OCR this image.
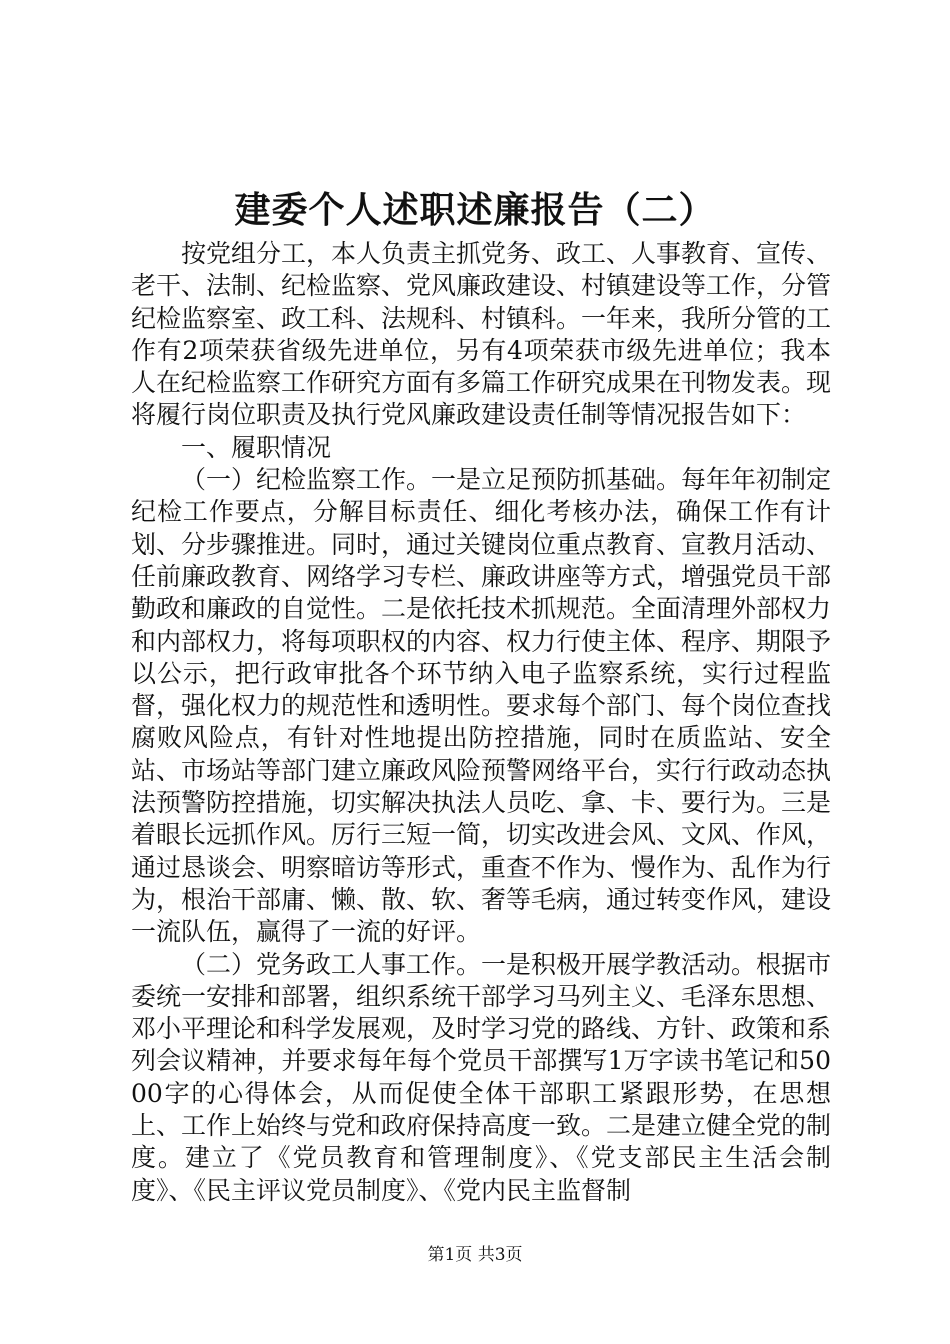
建委个人述职述廉报告（二）

按党组分工，本人负责主抓党务、政工、人事教育、宣传、老干、法制、纪检监察、党风廉政建设、村镇建设等工作，分管纪检监察室、政工科、法规科、村镇科。一年来，我所分管的工作有2项荣获省级先进单位，另有4项荣获市级先进单位；我本人在纪检监察工作研究方面有多篇工作研究成果在刊物发表。现将履行岗位职责及执行党风廉政建设责任制等情况报告如下：

一、履职情况

（一）纪检监察工作。一是立足预防抓基础。每年年初制定纪检工作要点，分解目标责任、细化考核办法，确保工作有计划、分步骤推进。同时，通过关键岗位重点教育、宣教月活动、任前廉政教育、网络学习专栏、廉政讲座等方式，增强党员干部勤政和廉政的自觉性。二是依托技术抓规范。全面清理外部权力和内部权力，将每项职权的内容、权力行使主体、程序、期限予以公示，把行政审批各个环节纳入电子监察系统，实行过程监督，强化权力的规范性和透明性。要求每个部门、每个岗位查找腐败风险点，有针对性地提出防控措施，同时在质监站、安全站、市场站等部门建立廉政风险预警网络平台，实行行政动态执法预警防控措施，切实解决执法人员吃、拿、卡、要行为。三是着眼长远抓作风。厉行三短一简，切实改进会风、文风、作风，通过恳谈会、明察暗访等形式，重查不作为、慢作为、乱作为行为，根治干部庸、懒、散、软、奢等毛病，通过转变作风，建设一流队伍，赢得了一流的好评。

（二）党务政工人事工作。一是积极开展学教活动。根据市委统一安排和部署，组织系统干部学习马列主义、毛泽东思想、邓小平理论和科学发展观，及时学习党的路线、方针、政策和系列会议精神，并要求每年每个党员干部撰写1万字读书笔记和5000字的心得体会，从而促使全体干部职工紧跟形势，在思想上、工作上始终与党和政府保持高度一致。二是建立健全党的制度。建立了《党员教育和管理制度》、《党支部民主生活会制度》、《民主评议党员制度》、《党内民主监督制

第1页 共3页
